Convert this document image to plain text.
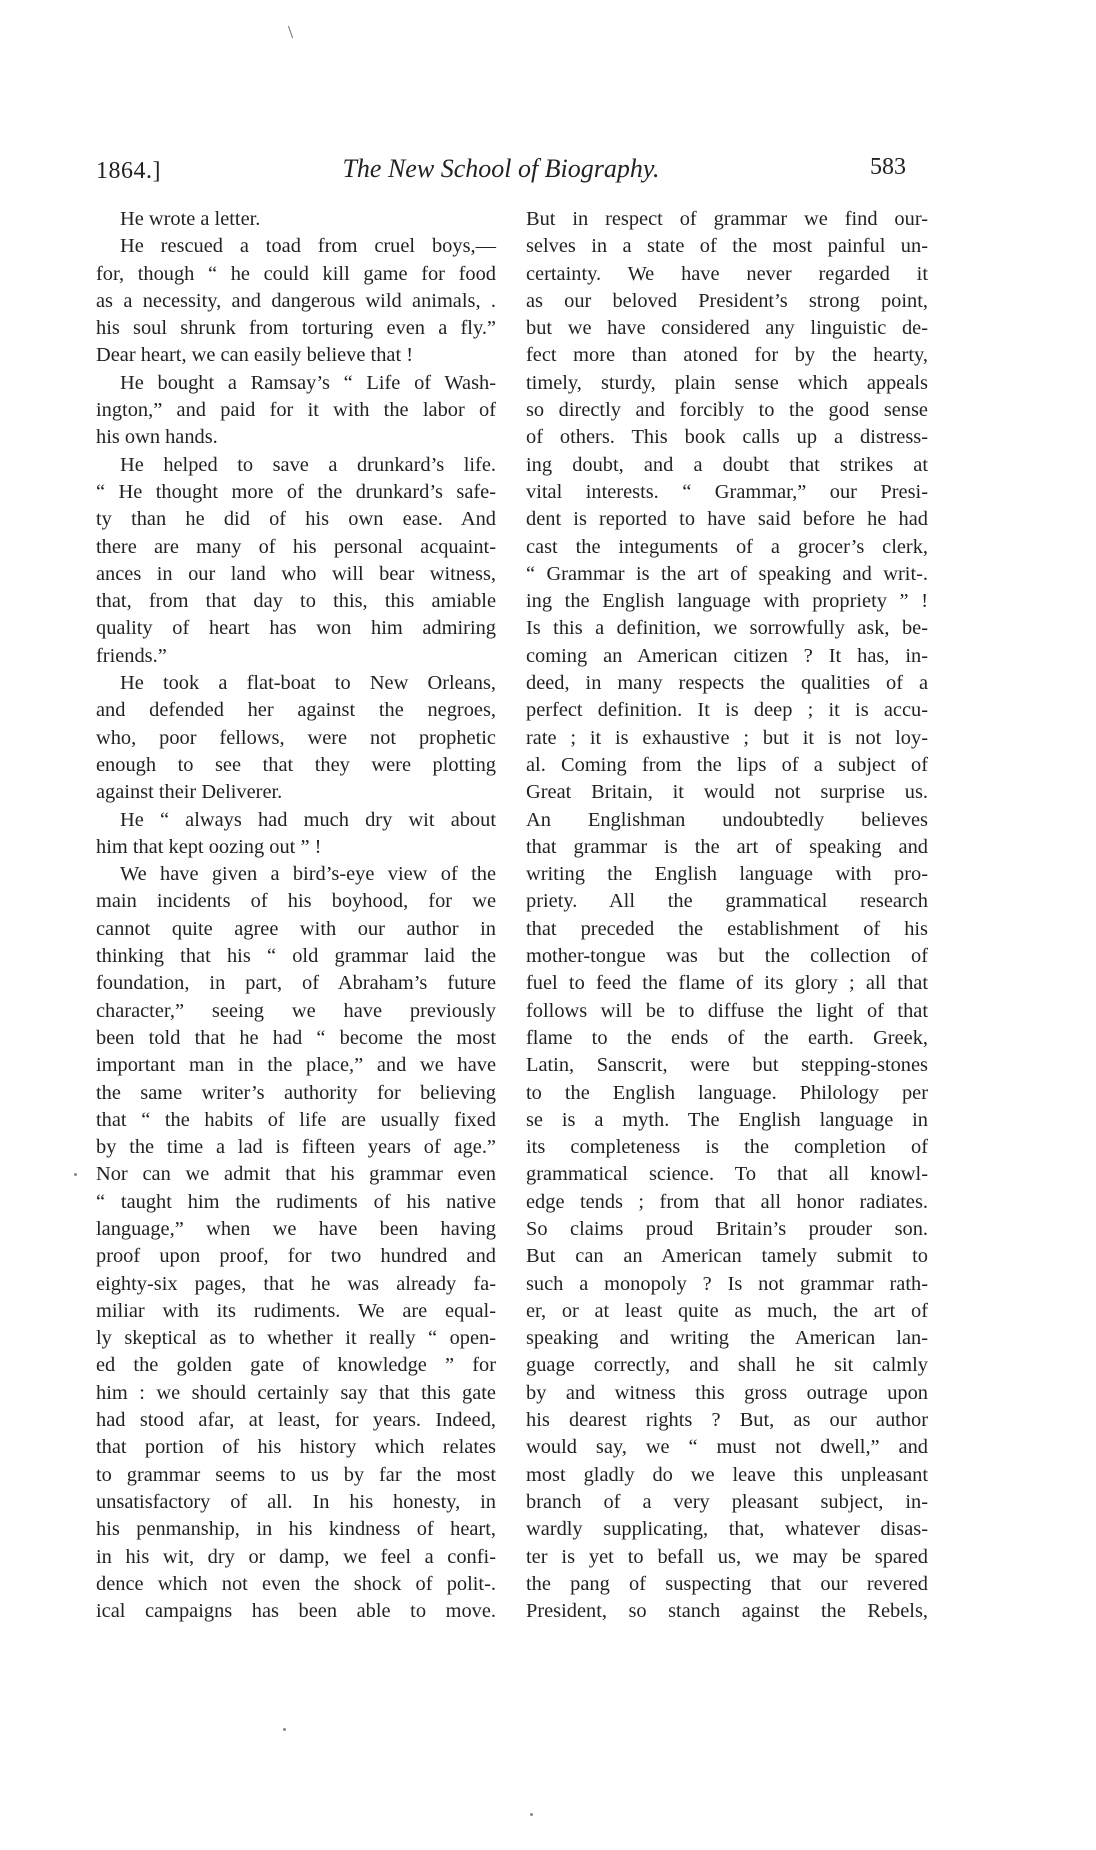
\
1864.]	The New School of Biography.	583
He wrote a letter.
He rescued a toad from cruel boys,—
for, though “ he could kill game for food
as a necessity, and dangerous wild animals, .
his soul shrunk from torturing even a fly.”
Dear heart, we can easily believe that !
He bought a Ramsay’s “ Life of Wash-
ington,” and paid for it with the labor of
his own hands.
He helped to save a drunkard’s life.
“ He thought more of the drunkard’s safe-
ty than he did of his own ease. And
there are many of his personal acquaint-
ances in our land who will bear witness,
that, from that day to this, this amiable
quality of heart has won him admiring
friends.”
He took a flat-boat to New Orleans,
and defended her against the negroes,
who, poor fellows, were not prophetic
enough to see that they were plotting
against their Deliverer.
He “ always had much dry wit about
him that kept oozing out ” !
We have given a bird’s-eye view of the
main incidents of his boyhood, for we
cannot quite agree with our author in
thinking that his “ old grammar laid the
foundation, in part, of Abraham’s future
character,” seeing we have previously
been told that he had “ become the most
important man in the place,” and we have
the same writer’s authority for believing
that “ the habits of life are usually fixed
by the time a lad is fifteen years of age.”
Nor can we admit that his grammar even
“ taught him the rudiments of his native
language,” when we have been having
proof upon proof, for two hundred and
eighty-six pages, that he was already fa-
miliar with its rudiments. We are equal-
ly skeptical as to whether it really “ open-
ed the golden gate of knowledge ” for
him : we should certainly say that this gate
had stood afar, at least, for years. Indeed,
that portion of his history which relates
to grammar seems to us by far the most
unsatisfactory of all. In his honesty, in
his penmanship, in his kindness of heart,
in his wit, dry or damp, we feel a confi-
dence which not even the shock of polit-.
ical campaigns has been able to move.
But in respect of grammar we find our-
selves in a state of the most painful un-
certainty. We have never regarded it
as our beloved President’s strong point,
but we have considered any linguistic de-
fect more than atoned for by the hearty,
timely, sturdy, plain sense which appeals
so directly and forcibly to the good sense
of others. This book calls up a distress-
ing doubt, and a doubt that strikes at
vital interests. “ Grammar,” our Presi-
dent is reported to have said before he had
cast the integuments of a grocer’s clerk,
“ Grammar is the art of speaking and writ-.
ing the English language with propriety ” !
Is this a definition, we sorrowfully ask, be-
coming an American citizen ? It has, in-
deed, in many respects the qualities of a
perfect definition. It is deep ; it is accu-
rate ; it is exhaustive ; but it is not loy-
al. Coming from the lips of a subject of
Great Britain, it would not surprise us.
An Englishman undoubtedly believes
that grammar is the art of speaking and
writing the English language with pro-
priety. All the grammatical research
that preceded the establishment of his
mother-tongue was but the collection of
fuel to feed the flame of its glory ; all that
follows will be to diffuse the light of that
flame to the ends of the earth. Greek,
Latin, Sanscrit, were but stepping-stones
to the English language. Philology per
se is a myth. The English language in
its completeness is the completion of
grammatical science. To that all knowl-
edge tends ; from that all honor radiates.
So claims proud Britain’s prouder son.
But can an American tamely submit to
such a monopoly ? Is not grammar rath-
er, or at least quite as much, the art of
speaking and writing the American lan-
guage correctly, and shall he sit calmly
by and witness this gross outrage upon
his dearest rights ? But, as our author
would say, we “ must not dwell,” and
most gladly do we leave this unpleasant
branch of a very pleasant subject, in-
wardly supplicating, that, whatever disas-
ter is yet to befall us, we may be spared
the pang of suspecting that our revered
President, so stanch against the Rebels,
